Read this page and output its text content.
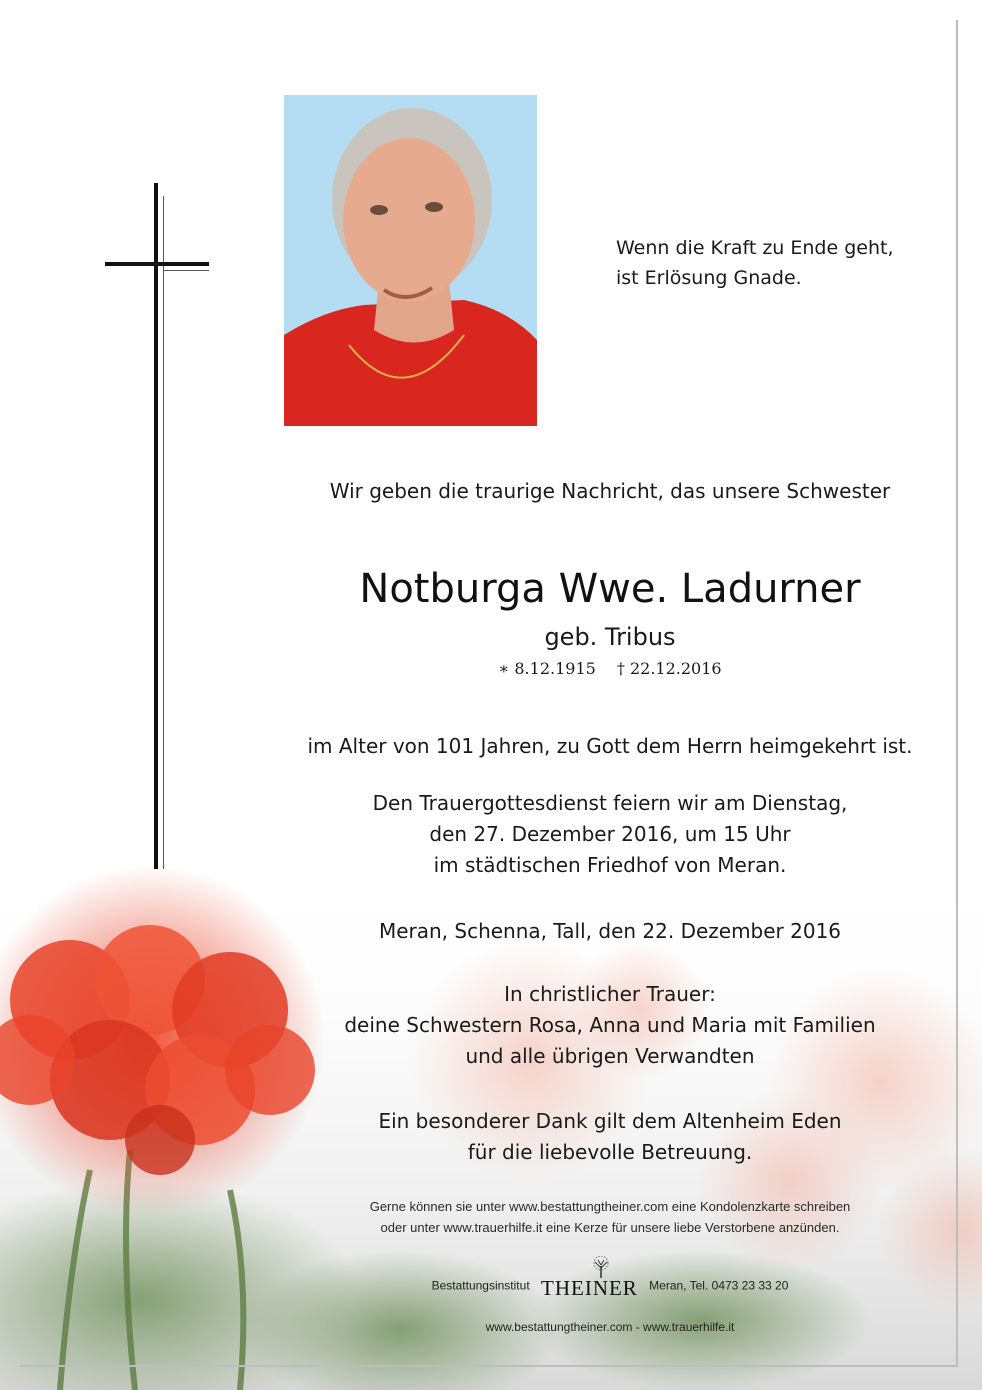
Wenn die Kraft zu Ende geht,
ist Erlösung Gnade.
Wir geben die traurige Nachricht, das unsere Schwester
Notburga Wwe. Ladurner
geb. Tribus
∗ 8.12.1915 † 22.12.2016
im Alter von 101 Jahren, zu Gott dem Herrn heimgekehrt ist.
Den Trauergottesdienst feiern wir am Dienstag,
den 27. Dezember 2016, um 15 Uhr
im städtischen Friedhof von Meran.
Meran, Schenna, Tall, den 22. Dezember 2016
In christlicher Trauer:
deine Schwestern Rosa, Anna und Maria mit Familien
und alle übrigen Verwandten
Ein besonderer Dank gilt dem Altenheim Eden
für die liebevolle Betreuung.
Gerne können sie unter www.bestattungtheiner.com eine Kondolenzkarte schreiben
oder unter www.trauerhilfe.it eine Kerze für unsere liebe Verstorbene anzünden.
Bestattungsinstitut THEINER Meran, Tel. 0473 23 33 20
www.bestattungtheiner.com - www.trauerhilfe.it
